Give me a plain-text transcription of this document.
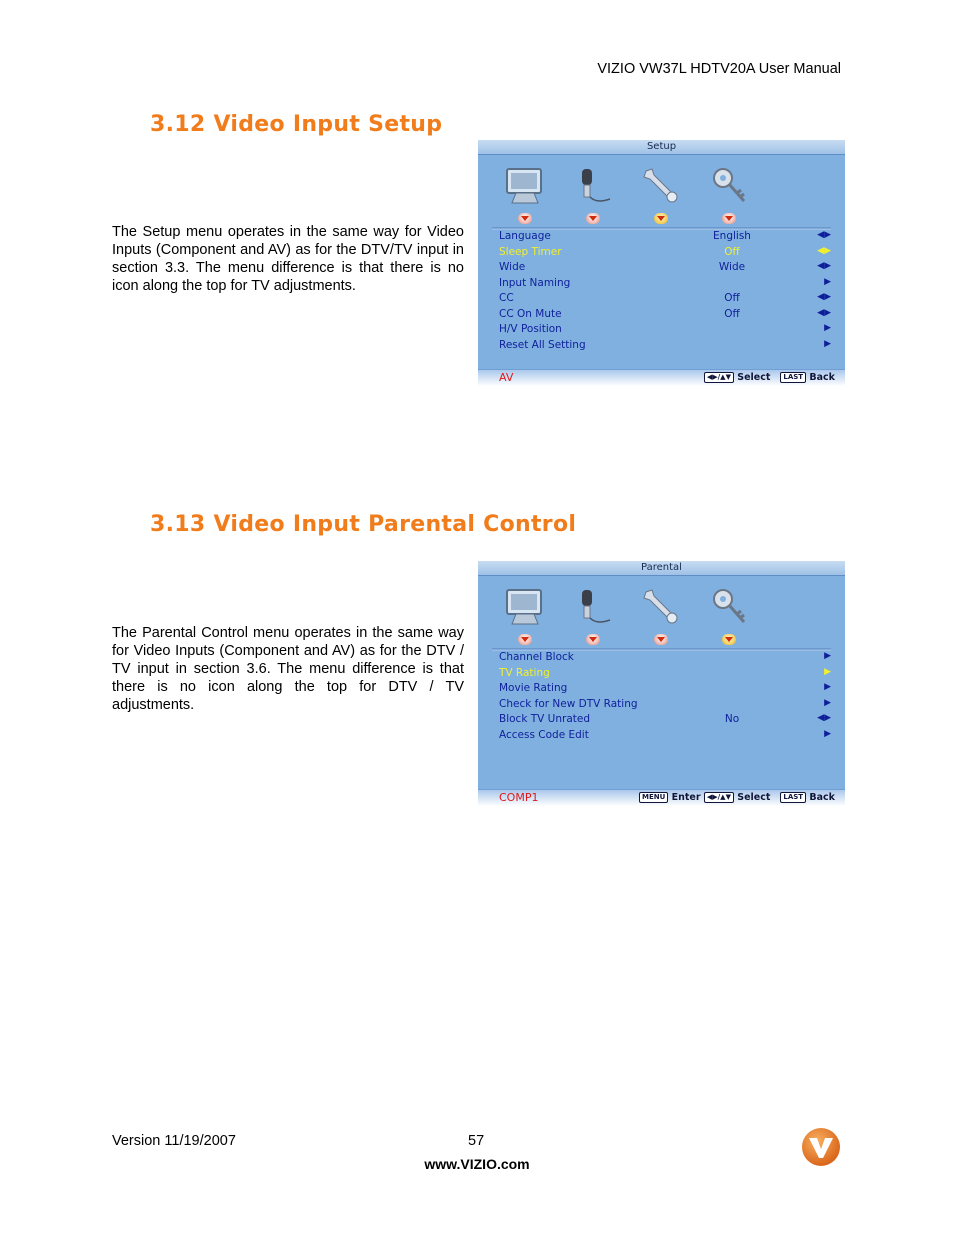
VIZIO VW37L HDTV20A User Manual
3.12 Video Input Setup
The Setup menu operates in the same way for Video Inputs (Component and AV) as for the DTV/TV input in section 3.3. The menu difference is that there is no icon along the top for TV adjustments.
Setup
Language	English	◀▶
Sleep Timer	Off	◀▶
Wide	Wide	◀▶
Input Naming	▶
CC	Off	◀▶
CC On Mute	Off	◀▶
H/V Position	▶
Reset All Setting	▶
AV	◀▶/▲▼ Select LAST Back
3.13 Video Input Parental Control
The Parental Control menu operates in the same way for Video Inputs (Component and AV) as for the DTV / TV input in section 3.6. The menu difference is that there is no icon along the top for DTV / TV adjustments.
Parental
Channel Block	▶
TV Rating	▶
Movie Rating	▶
Check for New DTV Rating	▶
Block TV Unrated	No	◀▶
Access Code Edit	▶
COMP1	MENU Enter ◀▶/▲▼ Select LAST Back
Version 11/19/2007	57
www.VIZIO.com
